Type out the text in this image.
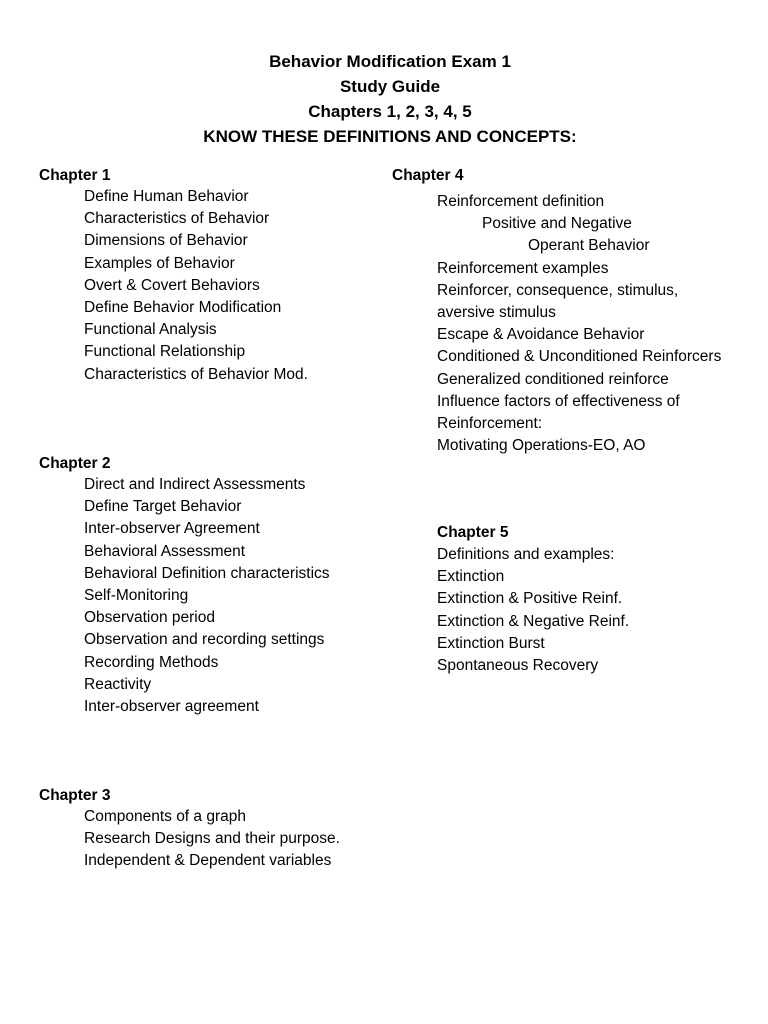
Behavior Modification Exam 1

Study Guide

Chapters 1, 2, 3, 4, 5

KNOW THESE DEFINITIONS AND CONCEPTS:

Chapter 1

Define Human Behavior
Characteristics of Behavior
Dimensions of Behavior
Examples of Behavior
Overt & Covert Behaviors
Define Behavior Modification
Functional Analysis
Functional Relationship
Characteristics of Behavior Mod.

Chapter 2

Direct and Indirect Assessments
Define Target Behavior
Inter-observer Agreement
Behavioral Assessment
Behavioral Definition characteristics
Self-Monitoring
Observation period
Observation and recording settings
Recording Methods
Reactivity
Inter-observer agreement

Chapter 3

Components of a graph
Research Designs and their purpose.
Independent & Dependent variables

Chapter 4

Reinforcement definition
Positive and Negative
Operant Behavior
Reinforcement examples
Reinforcer, consequence, stimulus,
aversive stimulus
Escape & Avoidance Behavior
Conditioned & Unconditioned Reinforcers
Generalized conditioned reinforce
Influence factors of effectiveness of
Reinforcement:
Motivating Operations-EO, AO

Chapter 5

Definitions and examples:
Extinction
Extinction & Positive Reinf.
Extinction & Negative Reinf.
Extinction Burst
Spontaneous Recovery
